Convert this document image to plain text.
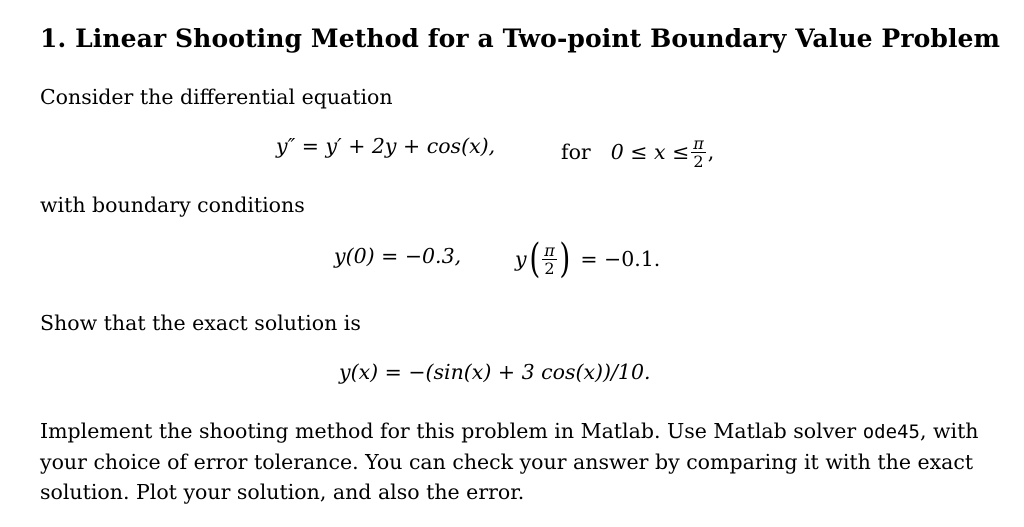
1. Linear Shooting Method for a Two-point Boundary Value Problem
Consider the differential equation
y″ = y′ + 2y + cos(x),	for $0 \le x \le \frac{\pi}{2}$ ,
with boundary conditions
y(0) = −0.3,	y ( $\frac{\pi}{2}$ ) = −0.1.
Show that the exact solution is
y(x) = −(sin(x) + 3 cos(x))/10.
Implement the shooting method for this problem in Matlab. Use Matlab solver ode45, with your choice of error tolerance. You can check your answer by comparing it with the exact solution. Plot your solution, and also the error.
